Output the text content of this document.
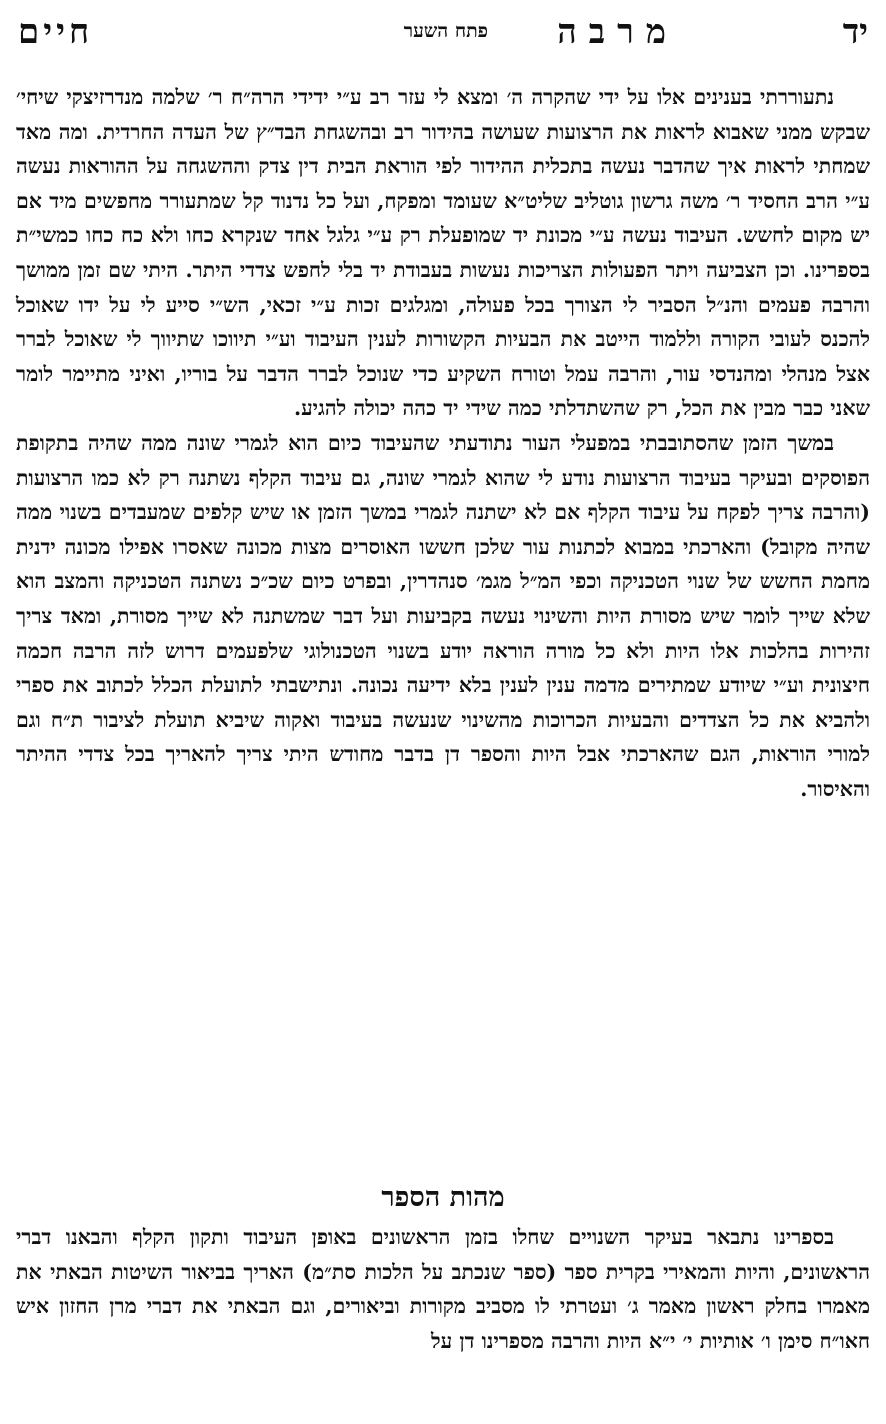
יד
מרבה
פתח השער
חיים

נתעוררתי בענינים אלו על ידי שהקרה ה׳ ומצא לי עזר רב ע״י ידידי הרה״ח ר׳ שלמה מנדרזיצקי שיחי׳ שבקש ממני שאבוא לראות את הרצועות שעושה בהידור רב ובהשגחת הבד״ץ של העדה החרדית. ומה מאד שמחתי לראות איך שהדבר נעשה בתכלית ההידור לפי הוראת הבית דין צדק וההשגחה על ההוראות נעשה ע״י הרב החסיד ר׳ משה גרשון גוטליב שליט״א שעומד ומפקח, ועל כל נדנוד קל שמתעורר מחפשים מיד אם יש מקום לחשש. העיבוד נעשה ע״י מכונת יד שמופעלת רק ע״י גלגל אחד שנקרא כחו ולא כח כחו כמשי״ת בספרינו. וכן הצביעה ויתר הפעולות הצריכות נעשות בעבודת יד בלי לחפש צדדי היתר. היתי שם זמן ממושך והרבה פעמים והנ״ל הסביר לי הצורך בכל פעולה, ומגלגים זכות ע״י זכאי, הש״י סייע לי על ידו שאוכל להכנס לעובי הקורה וללמוד הייטב את הבעיות הקשורות לענין העיבוד וע״י תיווכו שתיווך לי שאוכל לברר אצל מנהלי ומהנדסי עור, והרבה עמל וטורח השקיע כדי שנוכל לברר הדבר על בוריו, ואיני מתיימר לומר שאני כבר מבין את הכל, רק שהשתדלתי כמה שידי יד כהה יכולה להגיע.

במשך הזמן שהסתובבתי במפעלי העור נתודעתי שהעיבוד כיום הוא לגמרי שונה ממה שהיה בתקופת הפוסקים ובעיקר בעיבוד הרצועות נודע לי שהוא לגמרי שונה, גם עיבוד הקלף נשתנה רק לא כמו הרצועות (והרבה צריך לפקח על עיבוד הקלף אם לא ישתנה לגמרי במשך הזמן או שיש קלפים שמעבדים בשנוי ממה שהיה מקובל) והארכתי במבוא לכתנות עור שלכן חששו האוסרים מצות מכונה שאסרו אפילו מכונה ידנית מחמת החשש של שנוי הטכניקה וכפי המ״ל מגמ׳ סנהדרין, ובפרט כיום שכ״כ נשתנה הטכניקה והמצב הוא שלא שייך לומר שיש מסורת היות והשינוי נעשה בקביעות ועל דבר שמשתנה לא שייך מסורת, ומאד צריך זהירות בהלכות אלו היות ולא כל מורה הוראה יודע בשנוי הטכנולוגי שלפעמים דרוש לזה הרבה חכמה חיצונית וע״י שיודע שמתירים מדמה ענין לענין בלא ידיעה נכונה. ונתישבתי לתועלת הכלל לכתוב את ספרי ולהביא את כל הצדדים והבעיות הכרוכות מהשינוי שנעשה בעיבוד ואקוה שיביא תועלת לציבור ת״ח וגם למורי הוראות, הגם שהארכתי אבל היות והספר דן בדבר מחודש היתי צריך להאריך בכל צדדי ההיתר והאיסור.

מהות הספר

בספרינו נתבאר בעיקר השנויים שחלו בזמן הראשונים באופן העיבוד ותקון הקלף והבאנו דברי הראשונים, והיות והמאירי בקרית ספר (ספר שנכתב על הלכות סת״מ) האריך בביאור השיטות הבאתי את מאמרו בחלק ראשון מאמר ג׳ ועטרתי לו מסביב מקורות וביאורים, וגם הבאתי את דברי מרן החזון איש חאו״ח סימן ו׳ אותיות י׳ י״א היות והרבה מספרינו דן על
